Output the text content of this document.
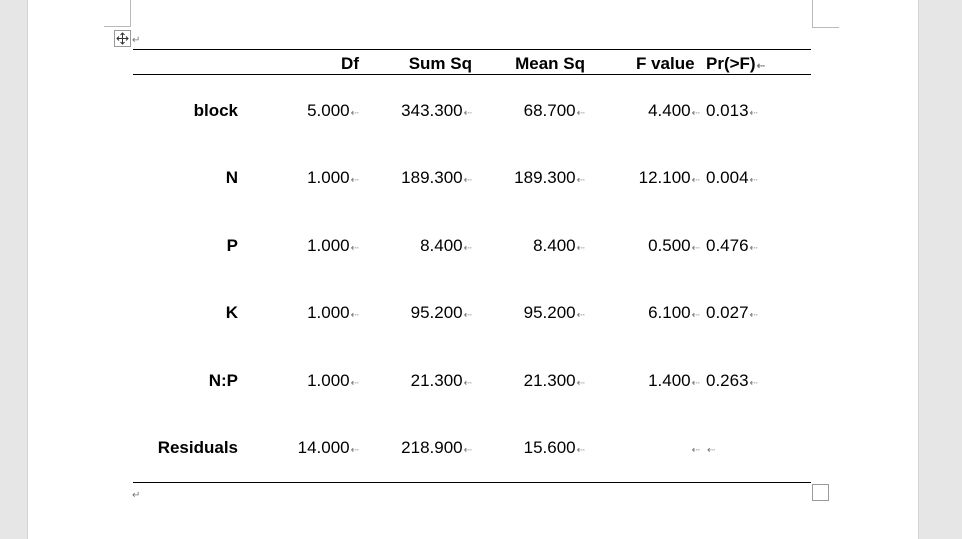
↵
Df	Sum Sq	Mean Sq	F value Pr(>F)⇠
block	5.000⇠ 343.300⇠	68.700⇠	4.400⇠ 0.013⇠
N	1.000⇠ 189.300⇠ 189.300⇠	12.100⇠ 0.004⇠
P	1.000⇠	8.400⇠	8.400⇠	0.500⇠ 0.476⇠
K	1.000⇠	95.200⇠	95.200⇠	6.100⇠ 0.027⇠
N:P	1.000⇠	21.300⇠	21.300⇠	1.400⇠ 0.263⇠
Residuals	14.000⇠ 218.900⇠	15.600⇠	⇠ ⇠
↵
